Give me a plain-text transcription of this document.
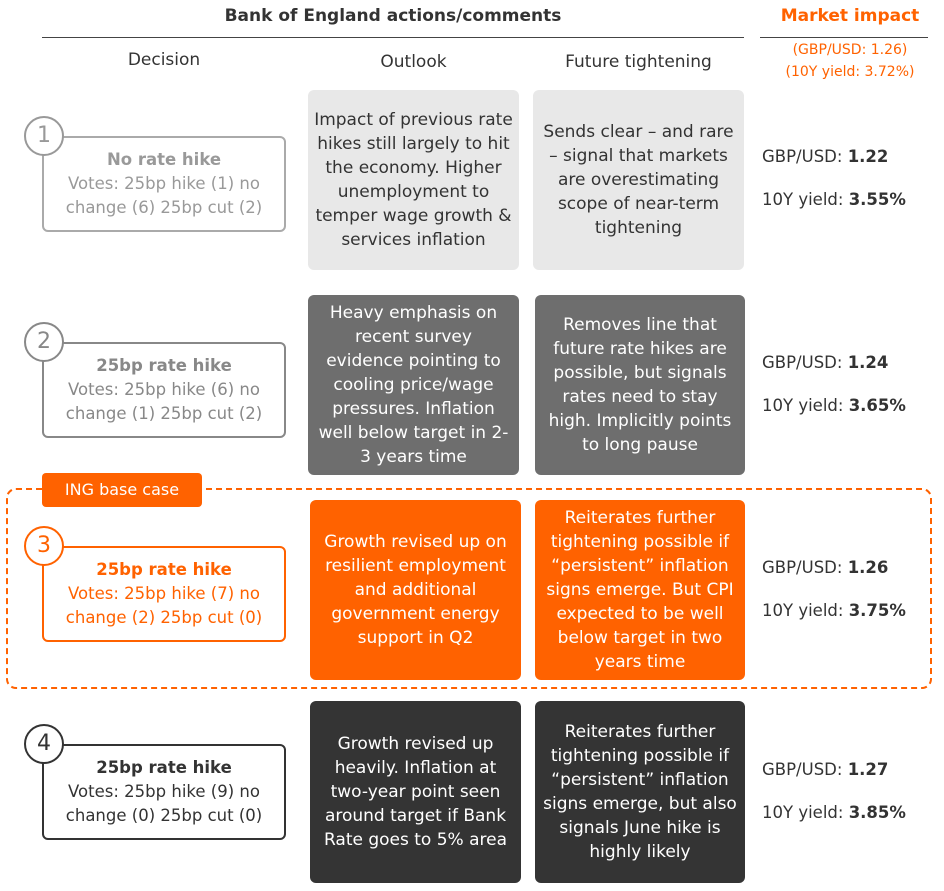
Bank of England actions/comments	Market impact
(GBP/USD: 1.26)
(10Y yield: 3.72%)
Decision	Outlook	Future tightening
ING base case
1
No rate hike
Votes: 25bp hike (1) no change (6) 25bp cut (2)
Impact of previous rate hikes still largely to hit the economy. Higher unemployment to temper wage growth & services inflation
Sends clear – and rare – signal that markets are overestimating scope of near-term tightening
GBP/USD: 1.22
10Y yield: 3.55%
2
25bp rate hike
Votes: 25bp hike (6) no change (1) 25bp cut (2)
Heavy emphasis on recent survey evidence pointing to cooling price/wage pressures. Inflation well below target in 2-3 years time
Removes line that future rate hikes are possible, but signals rates need to stay high. Implicitly points to long pause
GBP/USD: 1.24
10Y yield: 3.65%
3
25bp rate hike
Votes: 25bp hike (7) no change (2) 25bp cut (0)
Growth revised up on resilient employment and additional government energy support in Q2
Reiterates further tightening possible if “persistent” inflation signs emerge. But CPI expected to be well below target in two years time
GBP/USD: 1.26
10Y yield: 3.75%
4
25bp rate hike
Votes: 25bp hike (9) no change (0) 25bp cut (0)
Growth revised up heavily. Inflation at two-year point seen around target if Bank Rate goes to 5% area
Reiterates further tightening possible if “persistent” inflation signs emerge, but also signals June hike is highly likely
GBP/USD: 1.27
10Y yield: 3.85%
